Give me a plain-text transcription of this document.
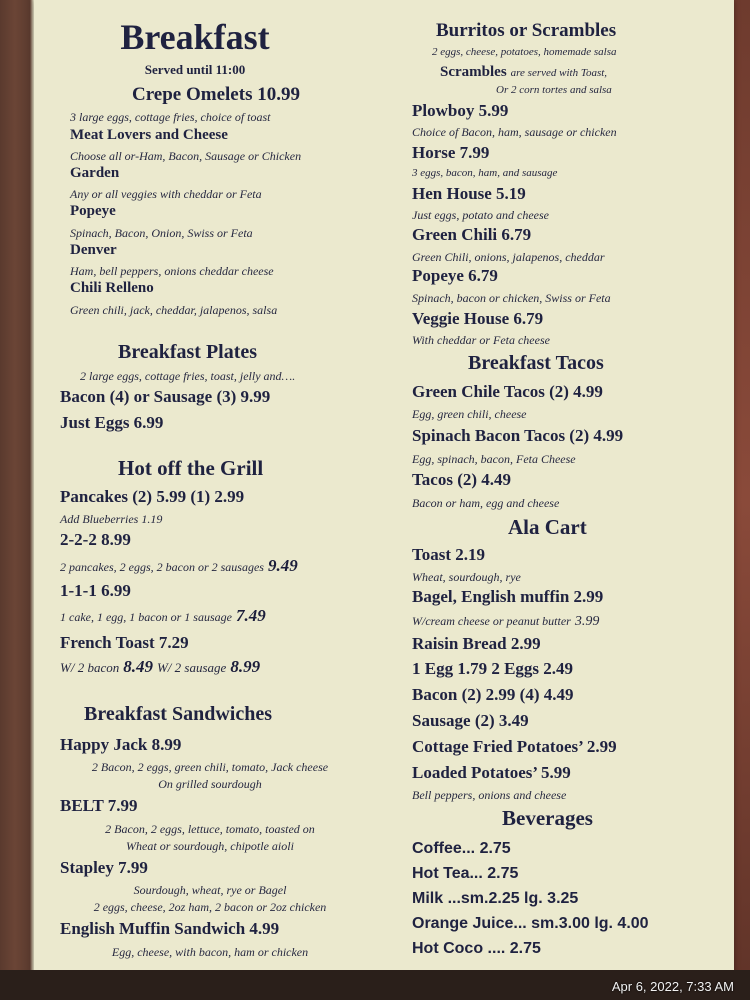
Breakfast
Served until 11:00
Crepe Omelets 10.99
3 large eggs, cottage fries, choice of toast
Meat Lovers and Cheese
Choose all or-Ham, Bacon, Sausage or Chicken
Garden
Any or all veggies with cheddar or Feta
Popeye
Spinach, Bacon, Onion, Swiss or Feta
Denver
Ham, bell peppers, onions cheddar cheese
Chili Relleno
Green chili, jack, cheddar, jalapenos, salsa
Breakfast Plates
2 large eggs, cottage fries, toast, jelly and….
Bacon (4) or Sausage (3) 9.99
Just Eggs 6.99
Hot off the Grill
Pancakes (2) 5.99 (1) 2.99
Add Blueberries 1.19
2-2-2 8.99
2 pancakes, 2 eggs, 2 bacon or 2 sausages 9.49
1-1-1 6.99
1 cake, 1 egg, 1 bacon or 1 sausage 7.49
French Toast 7.29
W/ 2 bacon 8.49 W/ 2 sausage 8.99
Breakfast Sandwiches
Happy Jack 8.99
2 Bacon, 2 eggs, green chili, tomato, Jack cheese
On grilled sourdough
BELT 7.99
2 Bacon, 2 eggs, lettuce, tomato, toasted on
Wheat or sourdough, chipotle aioli
Stapley 7.99
Sourdough, wheat, rye or Bagel
2 eggs, cheese, 2oz ham, 2 bacon or 2oz chicken
English Muffin Sandwich 4.99
Egg, cheese, with bacon, ham or chicken
Burritos or Scrambles
2 eggs, cheese, potatoes, homemade salsa
Scrambles are served with Toast,
Or 2 corn tortes and salsa
Plowboy 5.99
Choice of Bacon, ham, sausage or chicken
Horse 7.99
3 eggs, bacon, ham, and sausage
Hen House 5.19
Just eggs, potato and cheese
Green Chili 6.79
Green Chili, onions, jalapenos, cheddar
Popeye 6.79
Spinach, bacon or chicken, Swiss or Feta
Veggie House 6.79
With cheddar or Feta cheese
Breakfast Tacos
Green Chile Tacos (2) 4.99
Egg, green chili, cheese
Spinach Bacon Tacos (2) 4.99
Egg, spinach, bacon, Feta Cheese
Tacos (2) 4.49
Bacon or ham, egg and cheese
Ala Cart
Toast 2.19
Wheat, sourdough, rye
Bagel, English muffin 2.99
W/cream cheese or peanut butter 3.99
Raisin Bread 2.99
1 Egg 1.79 2 Eggs 2.49
Bacon (2) 2.99 (4) 4.49
Sausage (2) 3.49
Cottage Fried Potatoes’ 2.99
Loaded Potatoes’ 5.99
Bell peppers, onions and cheese
Beverages
Coffee... 2.75
Hot Tea... 2.75
Milk ...sm.2.25 lg. 3.25
Orange Juice... sm.3.00 lg. 4.00
Hot Coco .... 2.75
Apr 6, 2022, 7:33 AM
